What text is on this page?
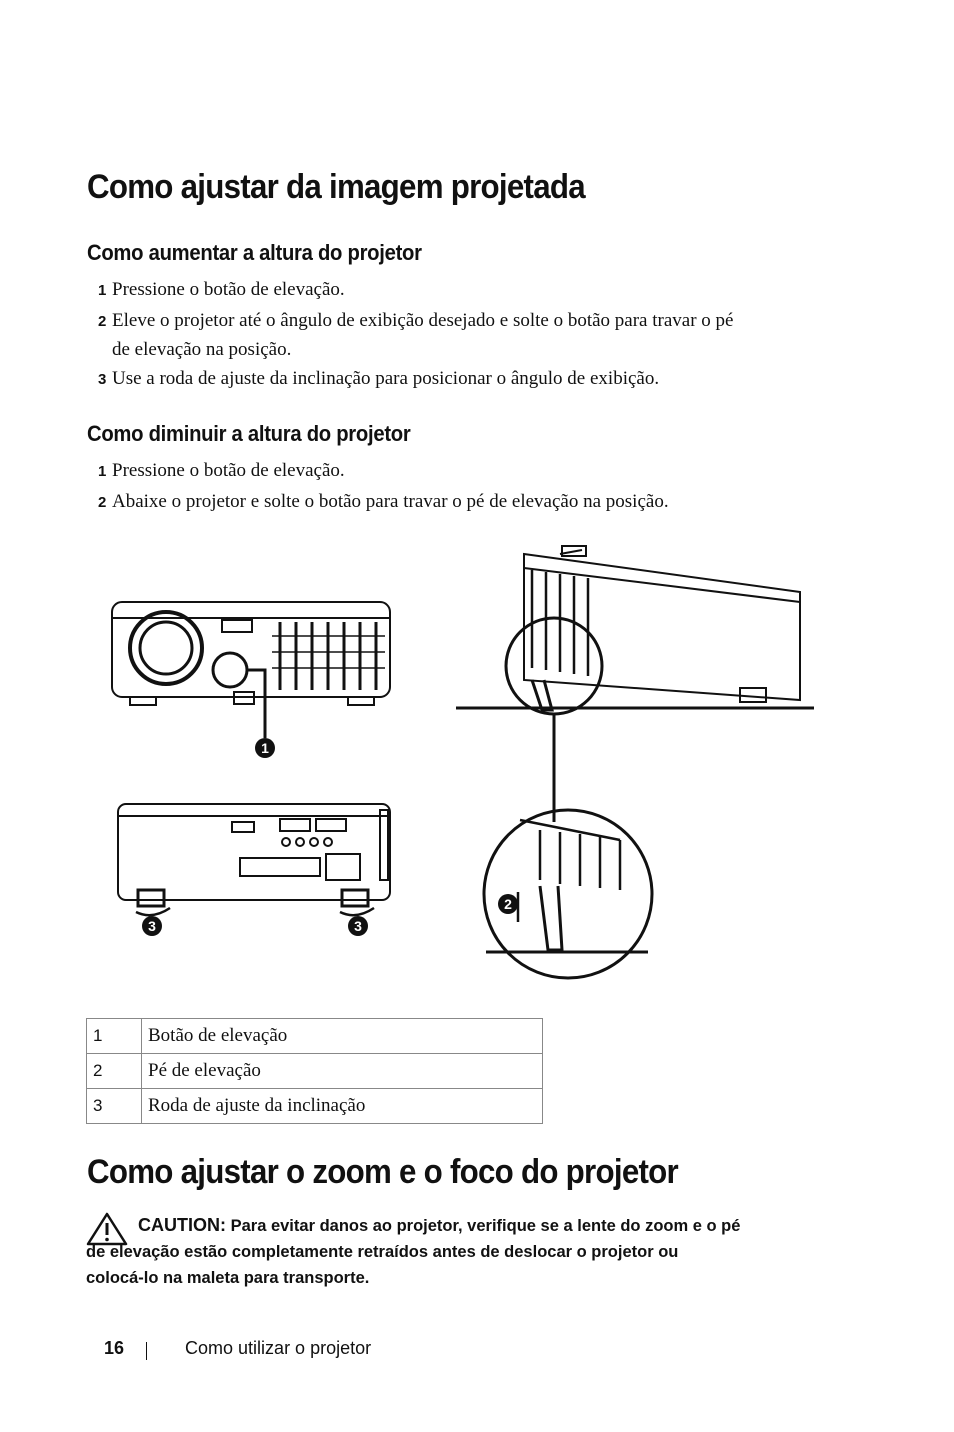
Como ajustar da imagem projetada
Como aumentar a altura do projetor
1 Pressione o botão de elevação.
2 Eleve o projetor até o ângulo de exibição desejado e solte o botão para travar o pé
de elevação na posição.
3 Use a roda de ajuste da inclinação para posicionar o ângulo de exibição.
Como diminuir a altura do projetor
1 Pressione o botão de elevação.
2 Abaixe o projetor e solte o botão para travar o pé de elevação na posição.
1
2
3	3
1	Botão de elevação
2	Pé de elevação
3	Roda de ajuste da inclinação
Como ajustar o zoom e o foco do projetor
CAUTION: Para evitar danos ao projetor, verifique se a lente do zoom e o pé
de elevação estão completamente retraídos antes de deslocar o projetor ou
colocá-lo na maleta para transporte.
16	Como utilizar o projetor
